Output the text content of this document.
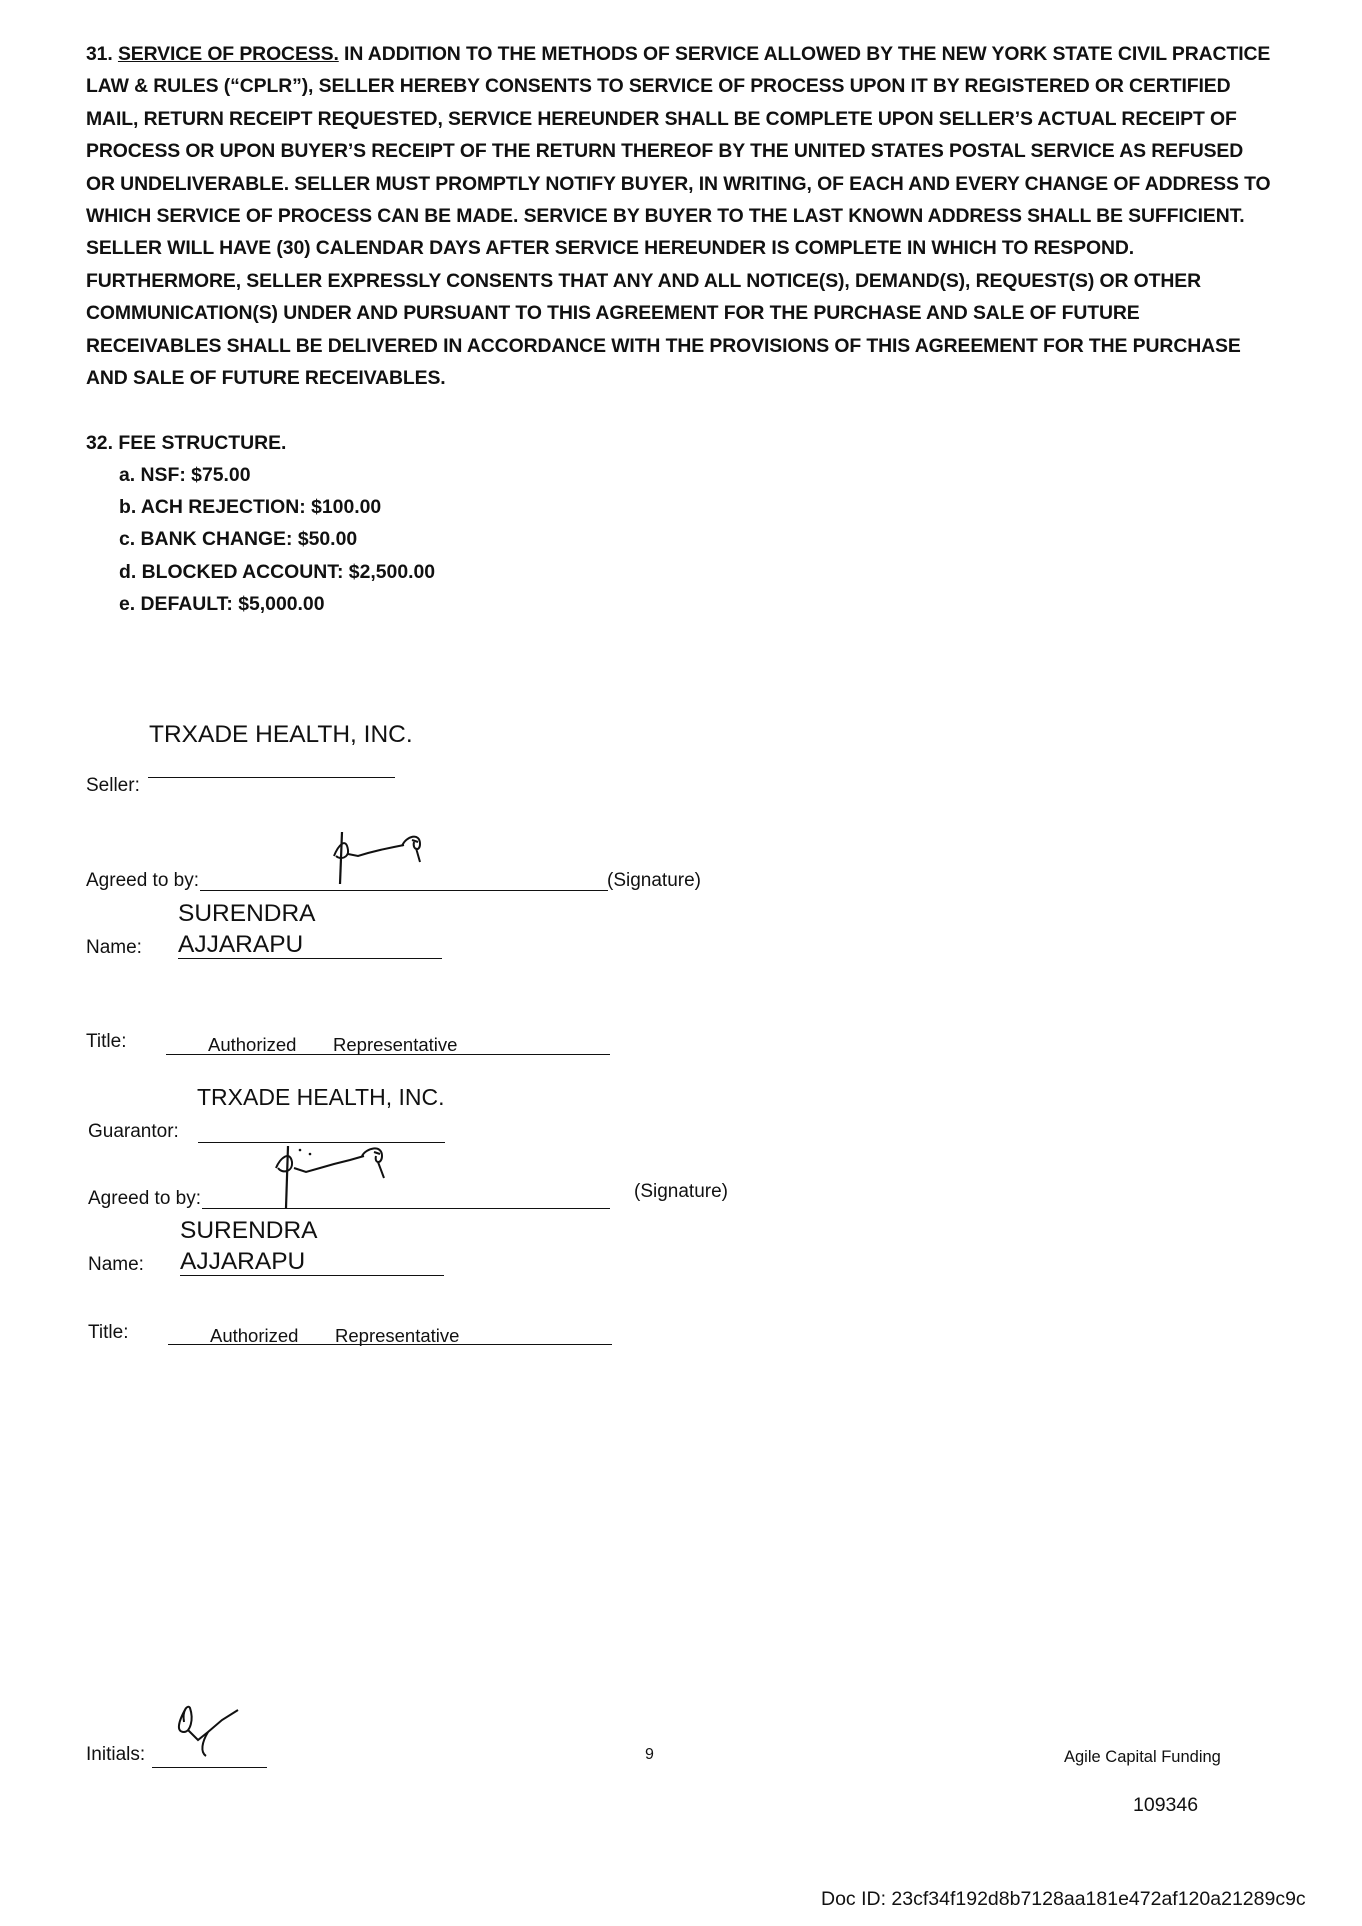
31. SERVICE OF PROCESS. IN ADDITION TO THE METHODS OF SERVICE ALLOWED BY THE NEW YORK STATE CIVIL PRACTICE LAW & RULES (“CPLR”), SELLER HEREBY CONSENTS TO SERVICE OF PROCESS UPON IT BY REGISTERED OR CERTIFIED MAIL, RETURN RECEIPT REQUESTED, SERVICE HEREUNDER SHALL BE COMPLETE UPON SELLER’S ACTUAL RECEIPT OF PROCESS OR UPON BUYER’S RECEIPT OF THE RETURN THEREOF BY THE UNITED STATES POSTAL SERVICE AS REFUSED OR UNDELIVERABLE. SELLER MUST PROMPTLY NOTIFY BUYER, IN WRITING, OF EACH AND EVERY CHANGE OF ADDRESS TO WHICH SERVICE OF PROCESS CAN BE MADE. SERVICE BY BUYER TO THE LAST KNOWN ADDRESS SHALL BE SUFFICIENT. SELLER WILL HAVE (30) CALENDAR DAYS AFTER SERVICE HEREUNDER IS COMPLETE IN WHICH TO RESPOND. FURTHERMORE, SELLER EXPRESSLY CONSENTS THAT ANY AND ALL NOTICE(S), DEMAND(S), REQUEST(S) OR OTHER COMMUNICATION(S) UNDER AND PURSUANT TO THIS AGREEMENT FOR THE PURCHASE AND SALE OF FUTURE RECEIVABLES SHALL BE DELIVERED IN ACCORDANCE WITH THE PROVISIONS OF THIS AGREEMENT FOR THE PURCHASE AND SALE OF FUTURE RECEIVABLES.

32. FEE STRUCTURE.
a. NSF: $75.00
b. ACH REJECTION: $100.00
c. BANK CHANGE: $50.00
d. BLOCKED ACCOUNT: $2,500.00
e. DEFAULT: $5,000.00
TRXADE HEALTH, INC.
Seller:
Agreed to by:	(Signature)
SURENDRA
Name: AJJARAPU
Title:	Authorized Representative
TRXADE HEALTH, INC.
Guarantor:
Agreed to by:	(Signature)
SURENDRA
Name: AJJARAPU
Title:	Authorized Representative
Initials:	9	Agile Capital Funding
109346
Doc ID: 23cf34f192d8b7128aa181e472af120a21289c9c
